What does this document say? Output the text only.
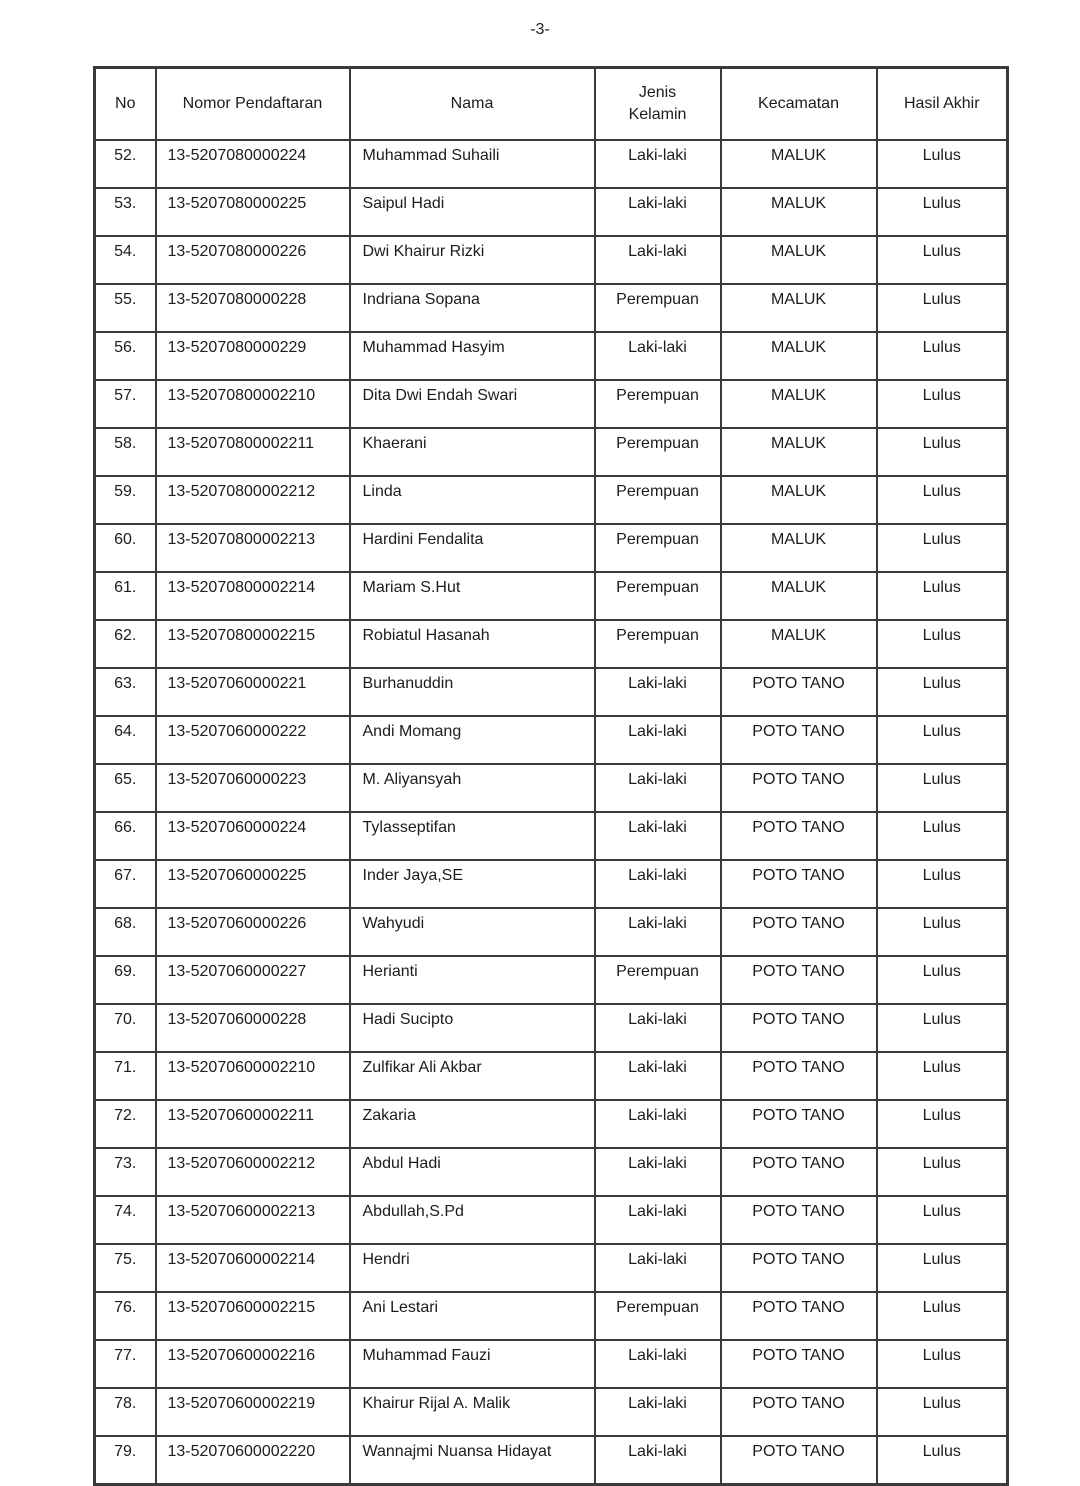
-3-
No	Nomor Pendaftaran	Nama	Jenis Kelamin	Kecamatan	Hasil Akhir
52.	13-5207080000224	Muhammad Suhaili	Laki-laki	MALUK	Lulus
53.	13-5207080000225	Saipul Hadi	Laki-laki	MALUK	Lulus
54.	13-5207080000226	Dwi Khairur Rizki	Laki-laki	MALUK	Lulus
55.	13-5207080000228	Indriana Sopana	Perempuan	MALUK	Lulus
56.	13-5207080000229	Muhammad Hasyim	Laki-laki	MALUK	Lulus
57.	13-52070800002210	Dita Dwi Endah Swari	Perempuan	MALUK	Lulus
58.	13-52070800002211	Khaerani	Perempuan	MALUK	Lulus
59.	13-52070800002212	Linda	Perempuan	MALUK	Lulus
60.	13-52070800002213	Hardini Fendalita	Perempuan	MALUK	Lulus
61.	13-52070800002214	Mariam S.Hut	Perempuan	MALUK	Lulus
62.	13-52070800002215	Robiatul Hasanah	Perempuan	MALUK	Lulus
63.	13-5207060000221	Burhanuddin	Laki-laki	POTO TANO	Lulus
64.	13-5207060000222	Andi Momang	Laki-laki	POTO TANO	Lulus
65.	13-5207060000223	M. Aliyansyah	Laki-laki	POTO TANO	Lulus
66.	13-5207060000224	Tylasseptifan	Laki-laki	POTO TANO	Lulus
67.	13-5207060000225	Inder Jaya,SE	Laki-laki	POTO TANO	Lulus
68.	13-5207060000226	Wahyudi	Laki-laki	POTO TANO	Lulus
69.	13-5207060000227	Herianti	Perempuan	POTO TANO	Lulus
70.	13-5207060000228	Hadi Sucipto	Laki-laki	POTO TANO	Lulus
71.	13-52070600002210	Zulfikar Ali Akbar	Laki-laki	POTO TANO	Lulus
72.	13-52070600002211	Zakaria	Laki-laki	POTO TANO	Lulus
73.	13-52070600002212	Abdul Hadi	Laki-laki	POTO TANO	Lulus
74.	13-52070600002213	Abdullah,S.Pd	Laki-laki	POTO TANO	Lulus
75.	13-52070600002214	Hendri	Laki-laki	POTO TANO	Lulus
76.	13-52070600002215	Ani Lestari	Perempuan	POTO TANO	Lulus
77.	13-52070600002216	Muhammad Fauzi	Laki-laki	POTO TANO	Lulus
78.	13-52070600002219	Khairur Rijal A. Malik	Laki-laki	POTO TANO	Lulus
79.	13-52070600002220	Wannajmi Nuansa Hidayat	Laki-laki	POTO TANO	Lulus
